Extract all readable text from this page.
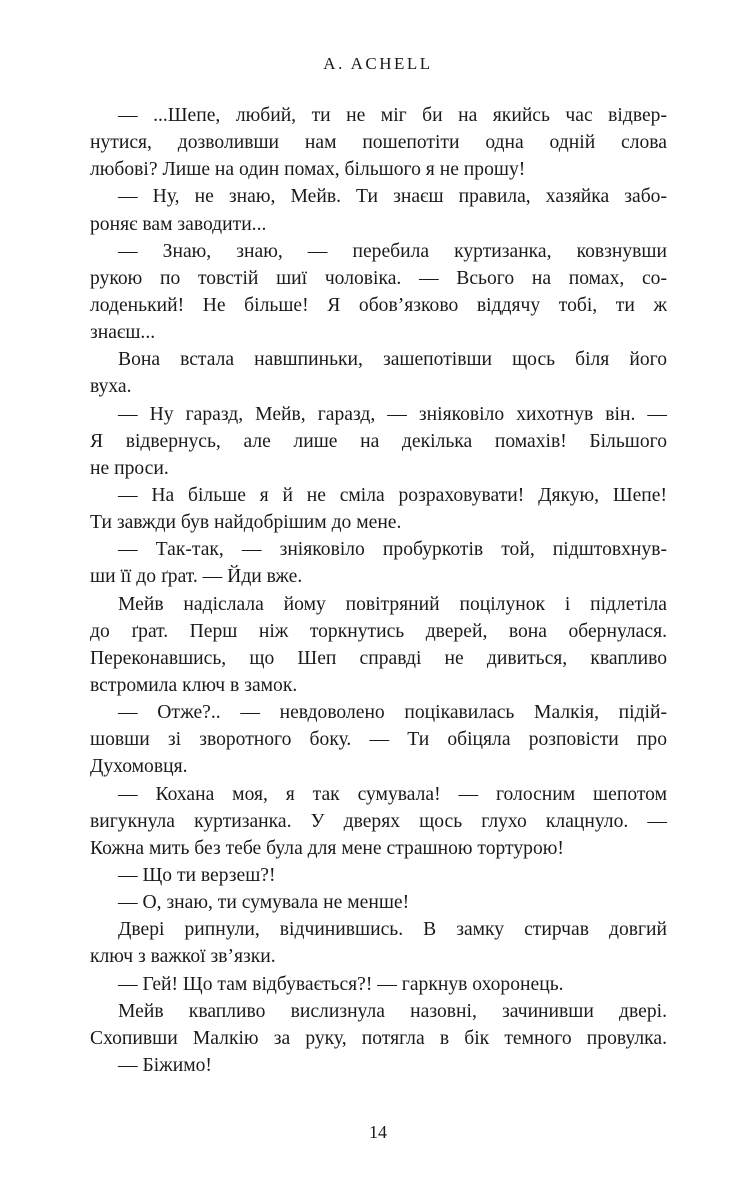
A. ACHELL
— ...Шепе, любий, ти не міг би на якийсь час відвер-
нутися, дозволивши нам пошепотіти одна одній слова
любові? Лише на один помах, більшого я не прошу!
— Ну, не знаю, Мейв. Ти знаєш правила, хазяйка забо-
роняє вам заводити...
— Знаю, знаю, — перебила куртизанка, ковзнувши
рукою по товстій шиї чоловіка. — Всього на помах, со-
лоденький! Не більше! Я обов’язково віддячу тобі, ти ж
знаєш...
Вона встала навшпиньки, зашепотівши щось біля його
вуха.
— Ну гаразд, Мейв, гаразд, — зніяковіло хихотнув він. —
Я відвернусь, але лише на декілька помахів! Більшого
не проси.
— На більше я й не сміла розраховувати! Дякую, Шепе!
Ти завжди був найдобрішим до мене.
— Так-так, — зніяковіло пробуркотів той, підштовхнув-
ши її до ґрат. — Йди вже.
Мейв надіслала йому повітряний поцілунок і підлетіла
до ґрат. Перш ніж торкнутись дверей, вона обернулася.
Переконавшись, що Шеп справді не дивиться, квапливо
встромила ключ в замок.
— Отже?.. — невдоволено поцікавилась Малкія, підій-
шовши зі зворотного боку. — Ти обіцяла розповісти про
Духомовця.
— Кохана моя, я так сумувала! — голосним шепотом
вигукнула куртизанка. У дверях щось глухо клацнуло. —
Кожна мить без тебе була для мене страшною тортурою!
— Що ти верзеш?!
— О, знаю, ти сумувала не менше!
Двері рипнули, відчинившись. В замку стирчав довгий
ключ з важкої зв’язки.
— Гей! Що там відбувається?! — гаркнув охоронець.
Мейв квапливо вислизнула назовні, зачинивши двері.
Схопивши Малкію за руку, потягла в бік темного провулка.
— Біжимо!
14
